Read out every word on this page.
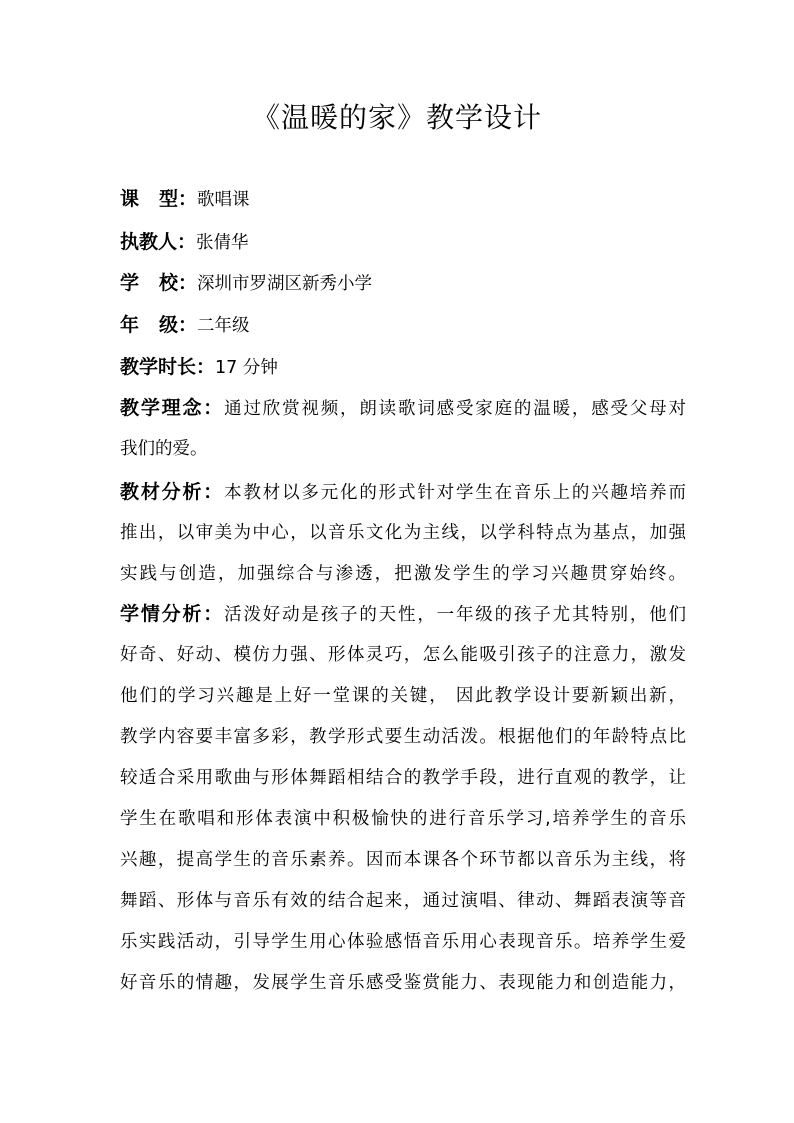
《温暖的家》教学设计
课型：歌唱课
执教人：张倩华
学校：深圳市罗湖区新秀小学
年级：二年级
教学时长：17 分钟
教学理念：通过欣赏视频，朗读歌词感受家庭的温暖，感受父母对
我们的爱。
教材分析：本教材以多元化的形式针对学生在音乐上的兴趣培养而
推出，以审美为中心，以音乐文化为主线，以学科特点为基点，加强
实践与创造，加强综合与渗透，把激发学生的学习兴趣贯穿始终。
学情分析：活泼好动是孩子的天性，一年级的孩子尤其特别，他们
好奇、好动、模仿力强、形体灵巧，怎么能吸引孩子的注意力，激发
他们的学习兴趣是上好一堂课的关键， 因此教学设计要新颖出新，
教学内容要丰富多彩，教学形式要生动活泼。根据他们的年龄特点比
较适合采用歌曲与形体舞蹈相结合的教学手段，进行直观的教学，让
学生在歌唱和形体表演中积极愉快的进行音乐学习,培养学生的音乐
兴趣，提高学生的音乐素养。因而本课各个环节都以音乐为主线，将
舞蹈、形体与音乐有效的结合起来，通过演唱、律动、舞蹈表演等音
乐实践活动，引导学生用心体验感悟音乐用心表现音乐。培养学生爱
好音乐的情趣，发展学生音乐感受鉴赏能力、表现能力和创造能力，
